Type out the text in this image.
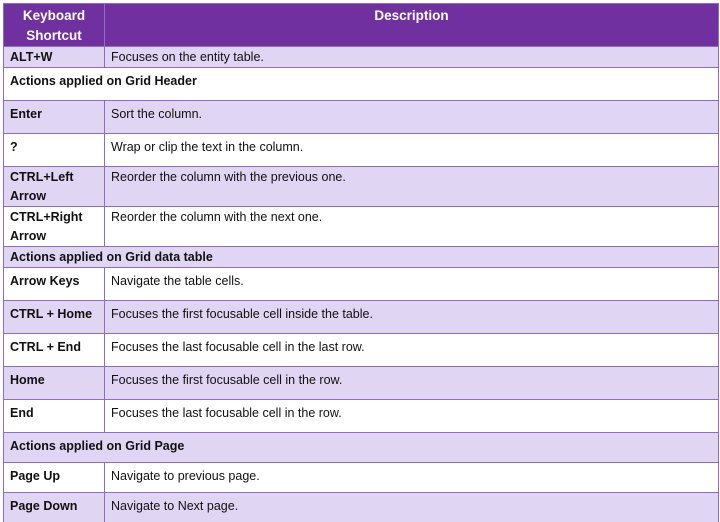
Keyboard Shortcut	Description
ALT+W	Focuses on the entity table.
Actions applied on Grid Header	
Enter	Sort the column.
?	Wrap or clip the text in the column.
CTRL+Left Arrow	Reorder the column with the previous one.
CTRL+Right Arrow	Reorder the column with the next one.
Actions applied on Grid data table	
Arrow Keys	Navigate the table cells.
CTRL + Home	Focuses the first focusable cell inside the table.
CTRL + End	Focuses the last focusable cell in the last row.
Home	Focuses the first focusable cell in the row.
End	Focuses the last focusable cell in the row.
Actions applied on Grid Page	
Page Up	Navigate to previous page.
Page Down	Navigate to Next page.
